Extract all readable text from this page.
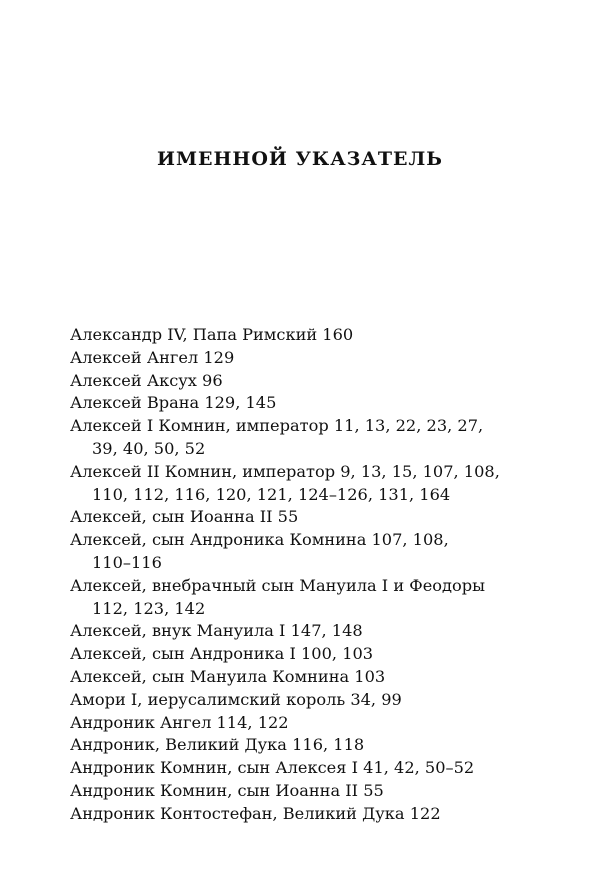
ИМЕННОЙ УКАЗАТЕЛЬ
Александр IV, Папа Римский 160
Алексей Ангел 129
Алексей Аксух 96
Алексей Врана 129, 145
Алексей I Комнин, император 11, 13, 22, 23, 27,
39, 40, 50, 52
Алексей II Комнин, император 9, 13, 15, 107, 108,
110, 112, 116, 120, 121, 124–126, 131, 164
Алексей, сын Иоанна II 55
Алексей, сын Андроника Комнина 107, 108,
110–116
Алексей, внебрачный сын Мануила I и Феодоры
112, 123, 142
Алексей, внук Мануила I 147, 148
Алексей, сын Андроника I 100, 103
Алексей, сын Мануила Комнина 103
Амори I, иерусалимский король 34, 99
Андроник Ангел 114, 122
Андроник, Великий Дука 116, 118
Андроник Комнин, сын Алексея I 41, 42, 50–52
Андроник Комнин, сын Иоанна II 55
Андроник Контостефан, Великий Дука 122
